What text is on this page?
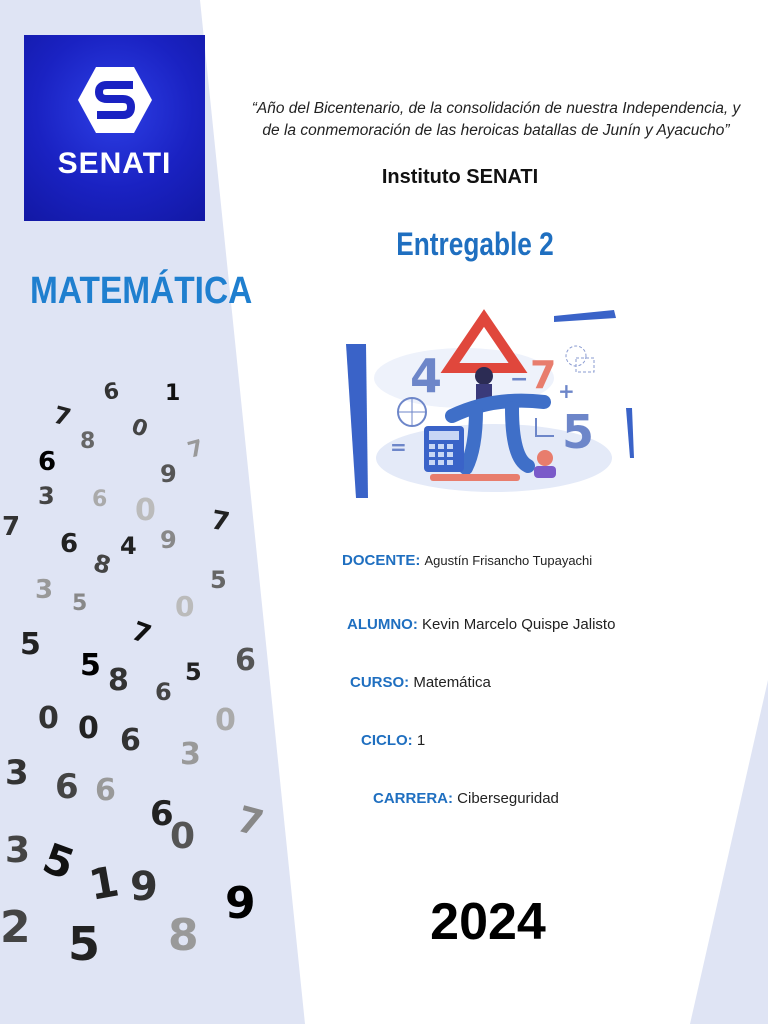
SENATI
MATEMÁTICA
6 1
7 0
8	7
6	9
3 6 0 7
7
6
8
4 9
3 5
5
0
7
5	6
5 8 6
5
0
0 0 6 3
3 6 6
6 7
0
3 5 1 9 9
2 5 8
“Año del Bicentenario, de la consolidación de nuestra Independencia, y de la conmemoración de las heroicas batallas de Junín y Ayacucho”
Instituto SENATI
Entregable 2
4	− 7 +
5
=
DOCENTE: Agustín Frisancho Tupayachi
ALUMNO: Kevin Marcelo Quispe Jalisto
CURSO: Matemática
CICLO: 1
CARRERA: Ciberseguridad
2024
